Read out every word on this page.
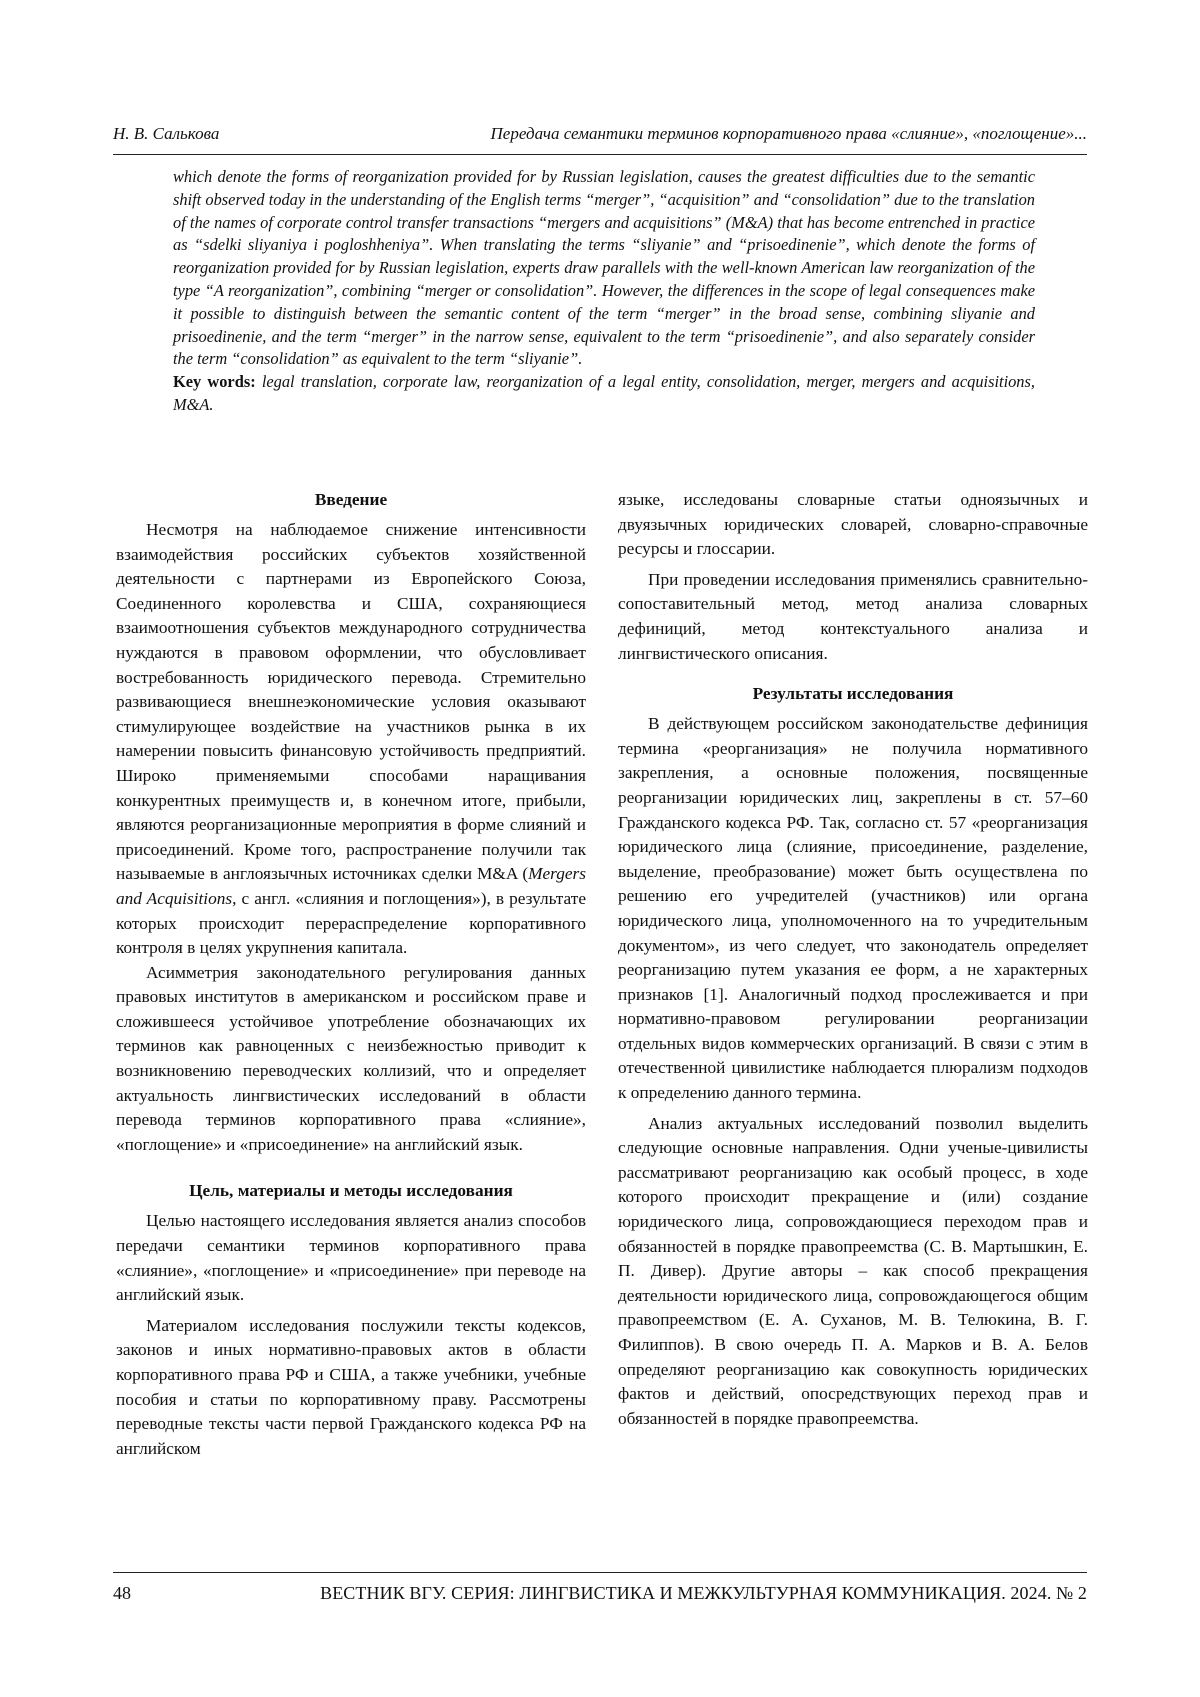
Н. В. Салькова	Передача семантики терминов корпоративного права «слияние», «поглощение»...

which denote the forms of reorganization provided for by Russian legislation, causes the greatest difficulties due to the semantic shift observed today in the understanding of the English terms “merger”, “acquisition” and “consolidation” due to the translation of the names of corporate control transfer transactions “mergers and acquisitions” (M&A) that has become entrenched in practice as “sdelki sliyaniya i pogloshheniya”. When translating the terms “sliyanie” and “prisoedinenie”, which denote the forms of reorganization provided for by Russian legislation, experts draw parallels with the well-known American law reorganization of the type “A reorganization”, combining “merger or consolidation”. However, the differences in the scope of legal consequences make it possible to distinguish between the semantic content of the term “merger” in the broad sense, combining sliyanie and prisoedinenie, and the term “merger” in the narrow sense, equivalent to the term “prisoedinenie”, and also separately consider the term “consolidation” as equivalent to the term “sliyanie”.

Key words: legal translation, corporate law, reorganization of a legal entity, consolidation, merger, mergers and acquisitions, M&A.

Введение

Несмотря на наблюдаемое снижение интенсивности взаимодействия российских субъектов хозяйственной деятельности с партнерами из Европейского Союза, Соединенного королевства и США, сохраняющиеся взаимоотношения субъектов международного сотрудничества нуждаются в правовом оформлении, что обусловливает востребованность юридического перевода. Стремительно развивающиеся внешнеэкономические условия оказывают стимулирующее воздействие на участников рынка в их намерении повысить финансовую устойчивость предприятий. Широко применяемыми способами наращивания конкурентных преимуществ и, в конечном итоге, прибыли, являются реорганизационные мероприятия в форме слияний и присоединений. Кроме того, распространение получили так называемые в англоязычных источниках сделки M&A (Mergers and Acquisitions, с англ. «слияния и поглощения»), в результате которых происходит перераспределение корпоративного контроля в целях укрупнения капитала.

Асимметрия законодательного регулирования данных правовых институтов в американском и российском праве и сложившееся устойчивое употребление обозначающих их терминов как равноценных с неизбежностью приводит к возникновению переводческих коллизий, что и определяет актуальность лингвистических исследований в области перевода терминов корпоративного права «слияние», «поглощение» и «присоединение» на английский язык.

Цель, материалы и методы исследования

Целью настоящего исследования является анализ способов передачи семантики терминов корпоративного права «слияние», «поглощение» и «присоединение» при переводе на английский язык.

Материалом исследования послужили тексты кодексов, законов и иных нормативно-правовых актов в области корпоративного права РФ и США, а также учебники, учебные пособия и статьи по корпоративному праву. Рассмотрены переводные тексты части первой Гражданского кодекса РФ на английском

языке, исследованы словарные статьи одноязычных и двуязычных юридических словарей, словарно-справочные ресурсы и глоссарии.

При проведении исследования применялись сравнительно-сопоставительный метод, метод анализа словарных дефиниций, метод контекстуального анализа и лингвистического описания.

Результаты исследования

В действующем российском законодательстве дефиниция термина «реорганизация» не получила нормативного закрепления, а основные положения, посвященные реорганизации юридических лиц, закреплены в ст. 57–60 Гражданского кодекса РФ. Так, согласно ст. 57 «реорганизация юридического лица (слияние, присоединение, разделение, выделение, преобразование) может быть осуществлена по решению его учредителей (участников) или органа юридического лица, уполномоченного на то учредительным документом», из чего следует, что законодатель определяет реорганизацию путем указания ее форм, а не характерных признаков [1]. Аналогичный подход прослеживается и при нормативно-правовом регулировании реорганизации отдельных видов коммерческих организаций. В связи с этим в отечественной цивилистике наблюдается плюрализм подходов к определению данного термина.

Анализ актуальных исследований позволил выделить следующие основные направления. Одни ученые-цивилисты рассматривают реорганизацию как особый процесс, в ходе которого происходит прекращение и (или) создание юридического лица, сопровождающиеся переходом прав и обязанностей в порядке правопреемства (С. В. Мартышкин, Е. П. Дивер). Другие авторы – как способ прекращения деятельности юридического лица, сопровождающегося общим правопреемством (Е. А. Суханов, М. В. Телюкина, В. Г. Филиппов). В свою очередь П. А. Марков и В. А. Белов определяют реорганизацию как совокупность юридических фактов и действий, опосредствующих переход прав и обязанностей в порядке правопреемства.

48	ВЕСТНИК ВГУ. СЕРИЯ: ЛИНГВИСТИКА И МЕЖКУЛЬТУРНАЯ КОММУНИКАЦИЯ. 2024. № 2
